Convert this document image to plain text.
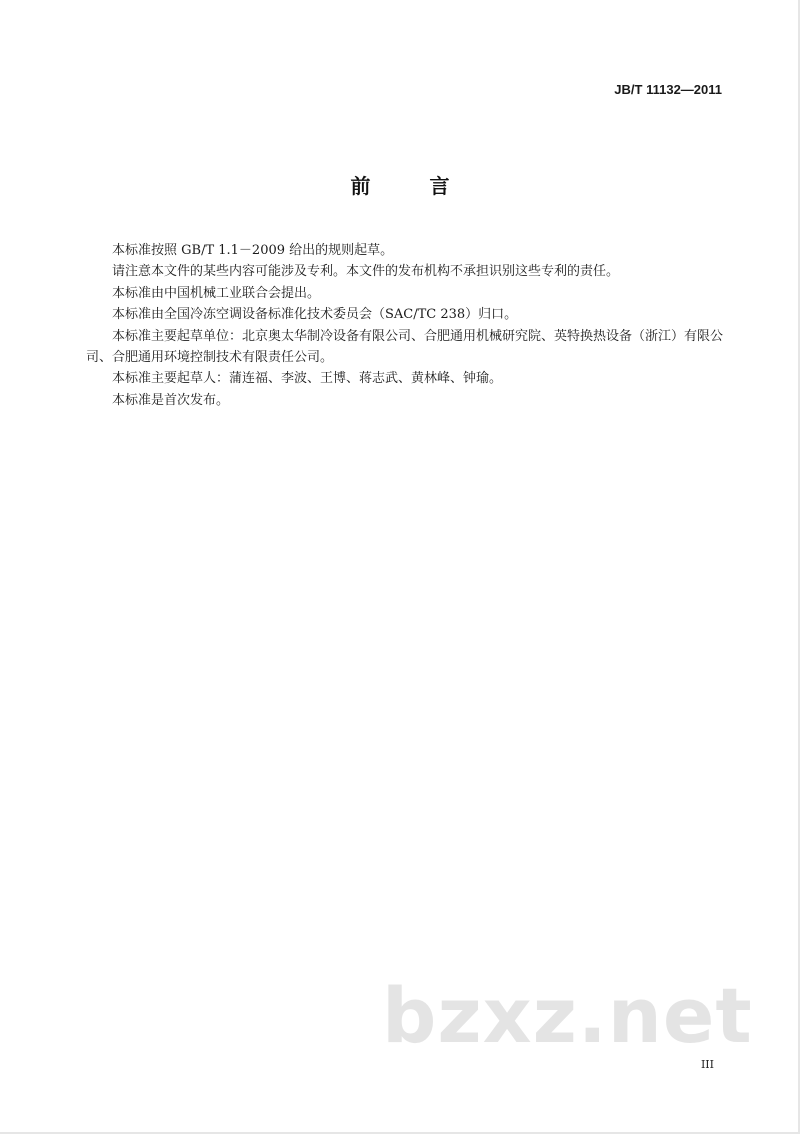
JB/T 11132—2011
前 言

本标准按照 GB/T 1.1－2009 给出的规则起草。

请注意本文件的某些内容可能涉及专利。本文件的发布机构不承担识别这些专利的责任。

本标准由中国机械工业联合会提出。

本标准由全国冷冻空调设备标准化技术委员会（SAC/TC 238）归口。

本标准主要起草单位：北京奥太华制冷设备有限公司、合肥通用机械研究院、英特换热设备（浙江）有限公司、合肥通用环境控制技术有限责任公司。

本标准主要起草人：蒲连福、李波、王博、蒋志武、黄林峰、钟瑜。

本标准是首次发布。

bzxz.net
III
